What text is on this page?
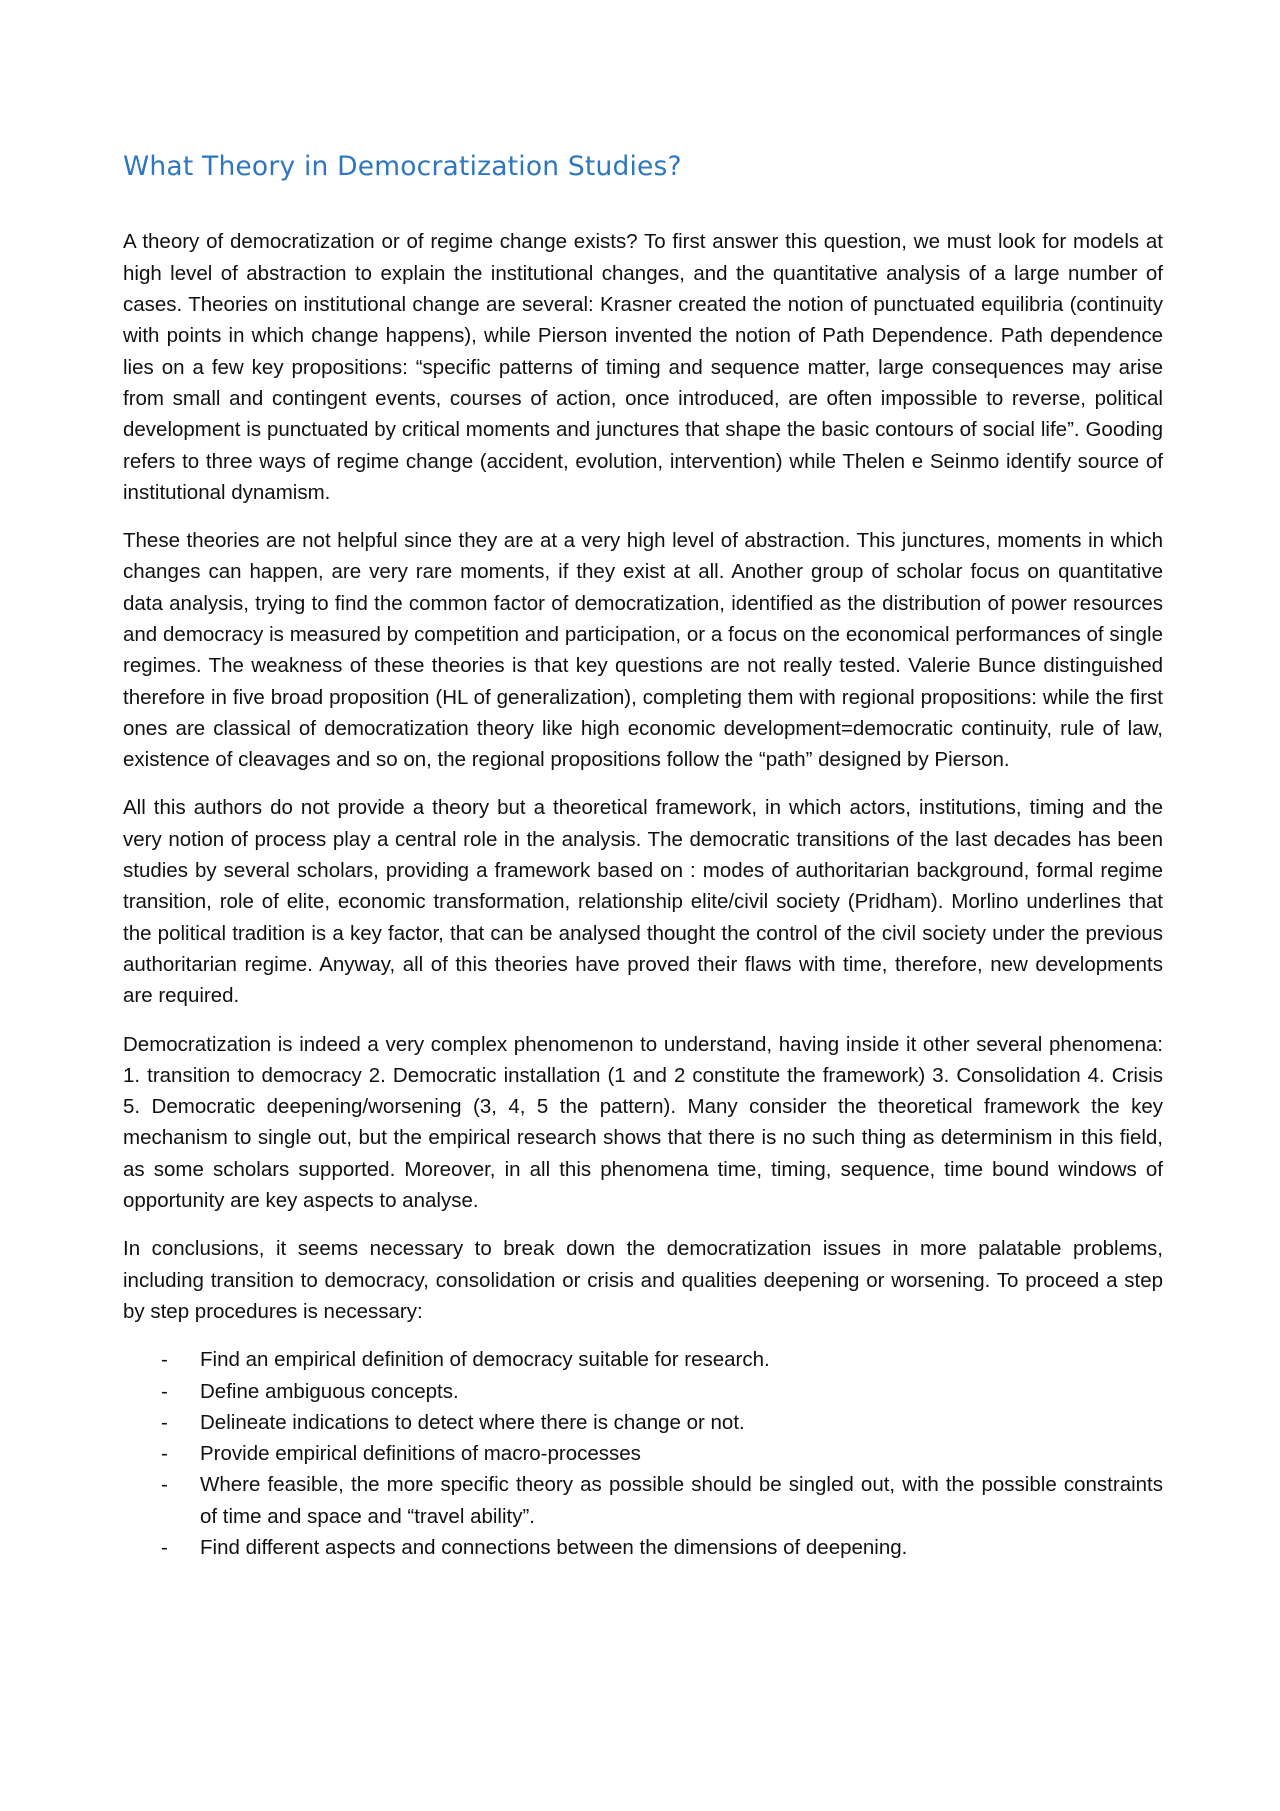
What Theory in Democratization Studies?

A theory of democratization or of regime change exists? To first answer this question, we must look for models at high level of abstraction to explain the institutional changes, and the quantitative analysis of a large number of cases. Theories on institutional change are several: Krasner created the notion of punctuated equilibria (continuity with points in which change happens), while Pierson invented the notion of Path Dependence. Path dependence lies on a few key propositions: “specific patterns of timing and sequence matter, large consequences may arise from small and contingent events, courses of action, once introduced, are often impossible to reverse, political development is punctuated by critical moments and junctures that shape the basic contours of social life”. Gooding refers to three ways of regime change (accident, evolution, intervention) while Thelen e Seinmo identify source of institutional dynamism.

These theories are not helpful since they are at a very high level of abstraction. This junctures, moments in which changes can happen, are very rare moments, if they exist at all. Another group of scholar focus on quantitative data analysis, trying to find the common factor of democratization, identified as the distribution of power resources and democracy is measured by competition and participation, or a focus on the economical performances of single regimes. The weakness of these theories is that key questions are not really tested. Valerie Bunce distinguished therefore in five broad proposition (HL of generalization), completing them with regional propositions: while the first ones are classical of democratization theory like high economic development=democratic continuity, rule of law, existence of cleavages and so on, the regional propositions follow the “path” designed by Pierson.

All this authors do not provide a theory but a theoretical framework, in which actors, institutions, timing and the very notion of process play a central role in the analysis. The democratic transitions of the last decades has been studies by several scholars, providing a framework based on : modes of authoritarian background, formal regime transition, role of elite, economic transformation, relationship elite/civil society (Pridham). Morlino underlines that the political tradition is a key factor, that can be analysed thought the control of the civil society under the previous authoritarian regime. Anyway, all of this theories have proved their flaws with time, therefore, new developments are required.

Democratization is indeed a very complex phenomenon to understand, having inside it other several phenomena: 1. transition to democracy 2. Democratic installation (1 and 2 constitute the framework) 3. Consolidation 4. Crisis 5. Democratic deepening/worsening (3, 4, 5 the pattern). Many consider the theoretical framework the key mechanism to single out, but the empirical research shows that there is no such thing as determinism in this field, as some scholars supported. Moreover, in all this phenomena time, timing, sequence, time bound windows of opportunity are key aspects to analyse.

In conclusions, it seems necessary to break down the democratization issues in more palatable problems, including transition to democracy, consolidation or crisis and qualities deepening or worsening. To proceed a step by step procedures is necessary:

- Find an empirical definition of democracy suitable for research.
- Define ambiguous concepts.
- Delineate indications to detect where there is change or not.
- Provide empirical definitions of macro-processes
- Where feasible, the more specific theory as possible should be singled out, with the possible constraints of time and space and “travel ability”.
- Find different aspects and connections between the dimensions of deepening.
